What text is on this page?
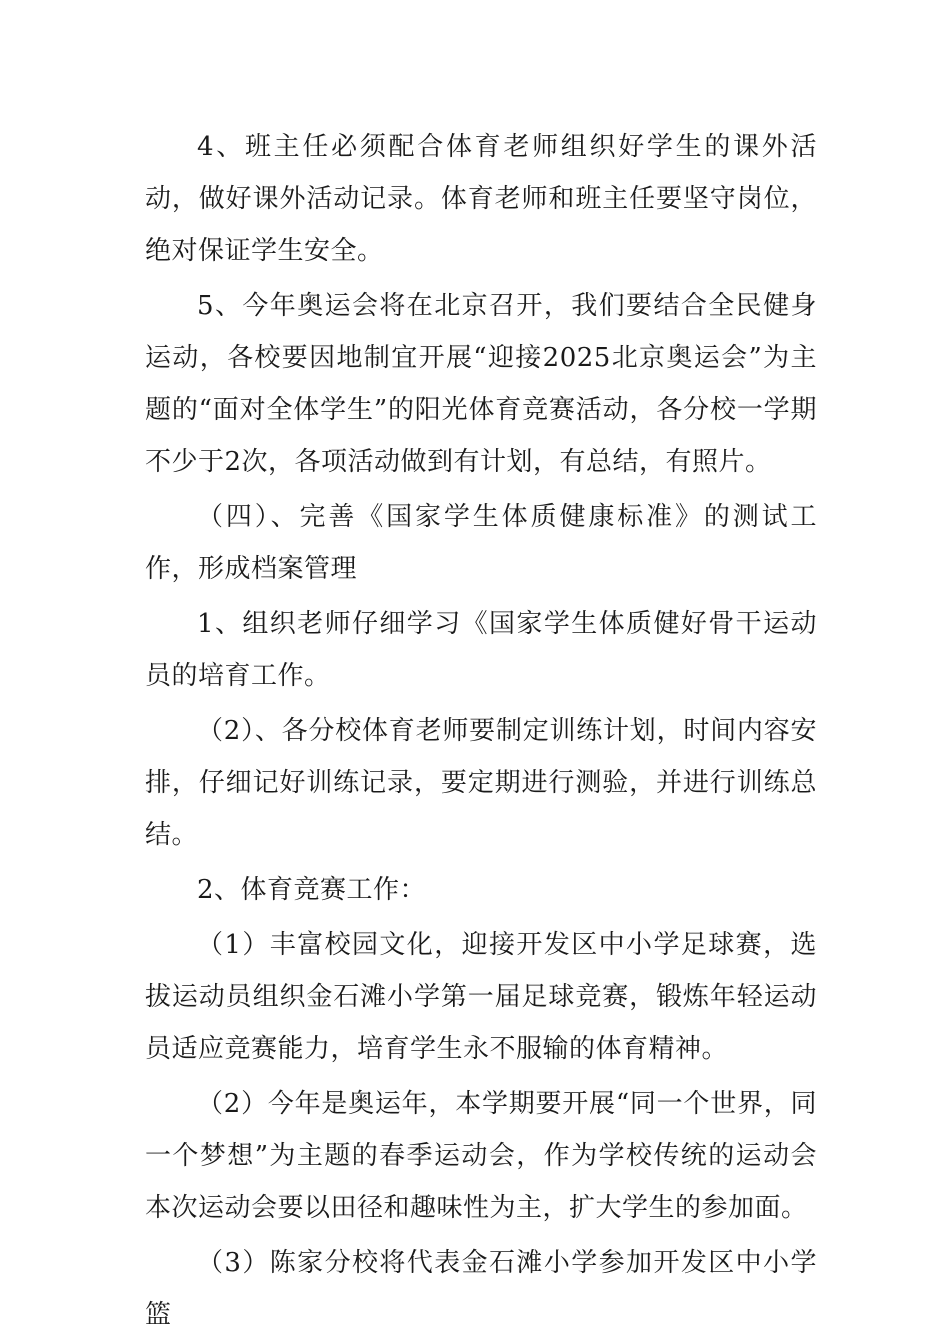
4、班主任必须配合体育老师组织好学生的课外活动，做好课外活动记录。体育老师和班主任要坚守岗位，绝对保证学生安全。

5、今年奥运会将在北京召开，我们要结合全民健身运动，各校要因地制宜开展“迎接2025北京奥运会”为主题的“面对全体学生”的阳光体育竞赛活动，各分校一学期不少于2次，各项活动做到有计划，有总结，有照片。

（四）、完善《国家学生体质健康标准》的测试工作，形成档案管理

1、组织老师仔细学习《国家学生体质健好骨干运动员的培育工作。

（2）、各分校体育老师要制定训练计划，时间内容安排，仔细记好训练记录，要定期进行测验，并进行训练总结。

2、体育竞赛工作：

（1）丰富校园文化，迎接开发区中小学足球赛，选拔运动员组织金石滩小学第一届足球竞赛，锻炼年轻运动员适应竞赛能力，培育学生永不服输的体育精神。

（2）今年是奥运年，本学期要开展“同一个世界，同一个梦想”为主题的春季运动会，作为学校传统的运动会本次运动会要以田径和趣味性为主，扩大学生的参加面。

（3）陈家分校将代表金石滩小学参加开发区中小学篮
